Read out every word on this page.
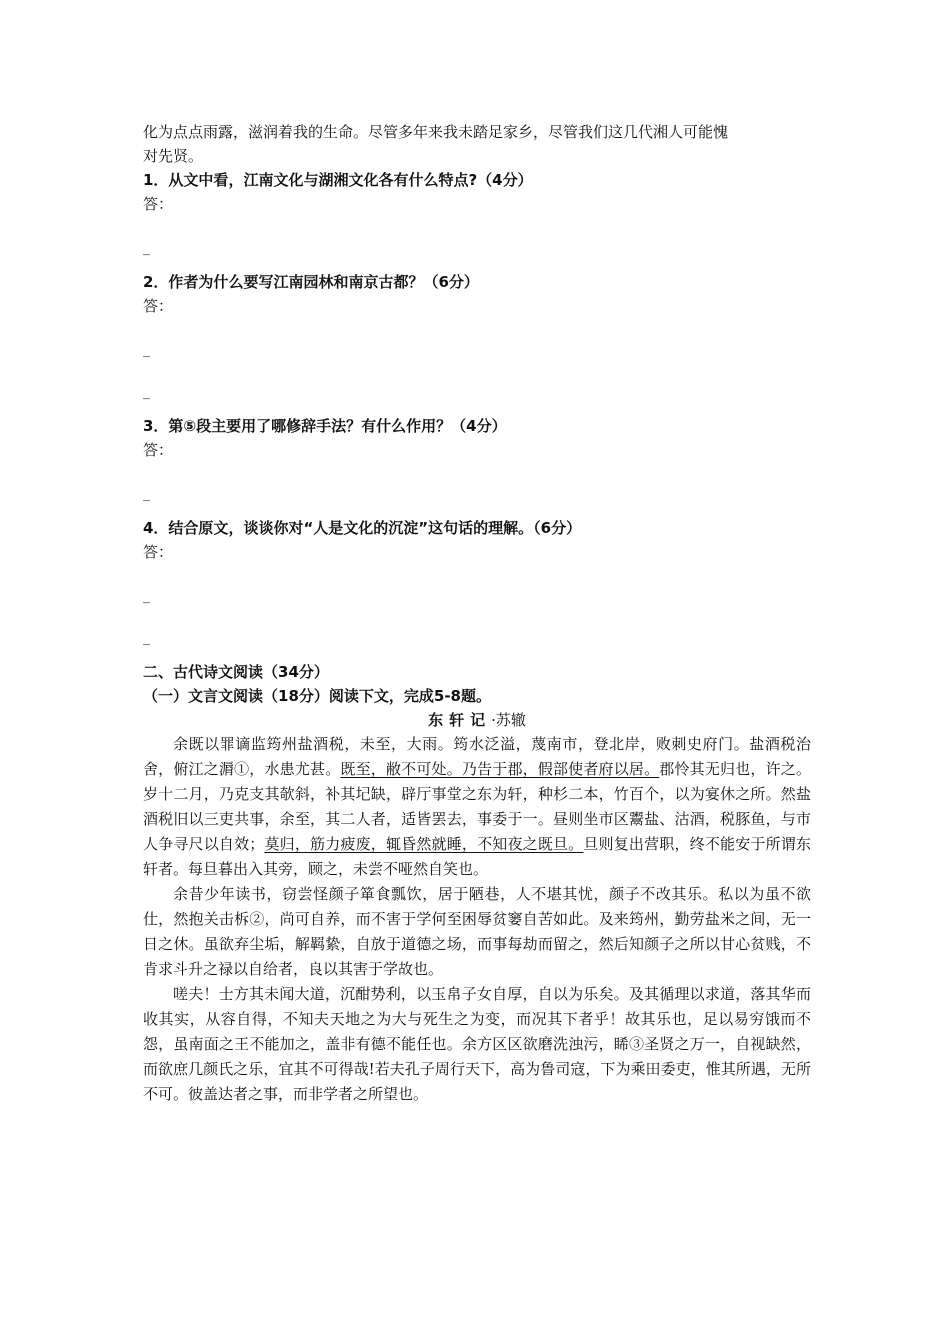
化为点点雨露，滋润着我的生命。尽管多年来我未踏足家乡，尽管我们这几代湘人可能愧
对先贤。
1．从文中看，江南文化与湖湘文化各有什么特点?（4分）
答：
_
2．作者为什么要写江南园林和南京古都？（6分）
答：
_
_
3．第⑤段主要用了哪修辞手法？有什么作用？（4分）
答：
_
4．结合原文，谈谈你对“人是文化的沉淀”这句话的理解。（6分）
答：
_
_
二、古代诗文阅读（34分）
（一）文言文阅读（18分）阅读下文，完成5-8题。
东轩记·苏辙
余既以罪谪监筠州盐酒税，未至，大雨。筠水泛溢，蔑南市，登北岸，败刺史府门。盐酒税治舍，俯江之漘①，水患尤甚。既至，敝不可处。乃告于郡，假部使者府以居。郡怜其无归也，许之。岁十二月，乃克支其欹斜，补其圮缺，辟厅事堂之东为轩，种杉二本，竹百个，以为宴休之所。然盐酒税旧以三吏共事，余至，其二人者，适皆罢去，事委于一。昼则坐市区鬻盐、沽酒，税豚鱼，与市人争寻尺以自效；莫归，筋力疲废，辄昏然就睡，不知夜之既旦。旦则复出营职，终不能安于所谓东轩者。每旦暮出入其旁，顾之，未尝不哑然自笑也。
余昔少年读书，窃尝怪颜子箪食瓢饮，居于陋巷，人不堪其忧，颜子不改其乐。私以为虽不欲仕，然抱关击柝②，尚可自养，而不害于学何至困辱贫窭自苦如此。及来筠州，勤劳盐米之间，无一日之休。虽欲弃尘垢，解羁絷，自放于道德之场，而事每劫而留之，然后知颜子之所以甘心贫贱，不肯求斗升之禄以自给者，良以其害于学故也。
嗟夫！士方其未闻大道，沉酣势利，以玉帛子女自厚，自以为乐矣。及其循理以求道，落其华而收其实，从容自得，不知夫天地之为大与死生之为变，而况其下者乎！故其乐也，足以易穷饿而不怨，虽南面之王不能加之，盖非有德不能任也。余方区区欲磨洗浊污，睎③圣贤之万一，自视缺然，而欲庶几颜氏之乐，宜其不可得哉!若夫孔子周行天下，高为鲁司寇，下为乘田委吏，惟其所遇，无所不可。彼盖达者之事，而非学者之所望也。
